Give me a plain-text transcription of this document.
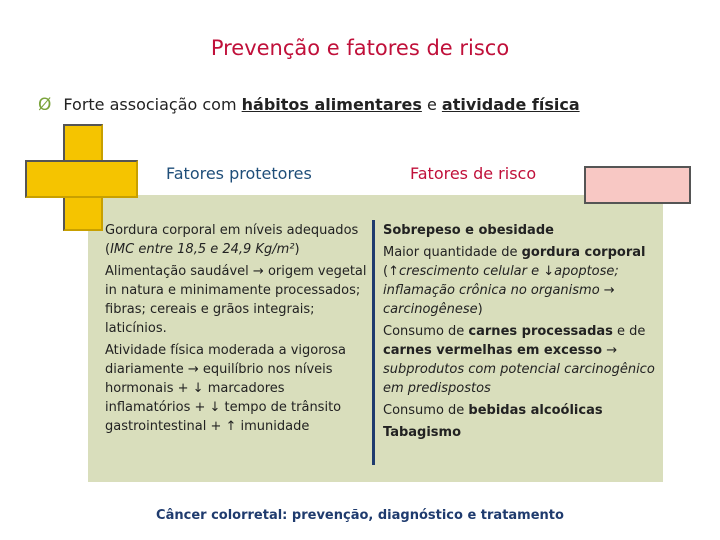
Prevenção e fatores de risco
Ø Forte associação com hábitos alimentares e atividade física
Fatores protetores	Fatores de risco

Gordura corporal em níveis adequados (IMC entre 18,5 e 24,9 Kg/m²)

Alimentação saudável → origem vegetal in natura e minimamente processados; fibras; cereais e grãos integrais; laticínios.

Atividade física moderada a vigorosa diariamente → equilíbrio nos níveis hormonais + ↓ marcadores inflamatórios + ↓ tempo de trânsito gastrointestinal + ↑ imunidade

Sobrepeso e obesidade

Maior quantidade de gordura corporal (↑crescimento celular e ↓apoptose; inflamação crônica no organismo → carcinogênese)

Consumo de carnes processadas e de carnes vermelhas em excesso → subprodutos com potencial carcinogênico em predispostos

Consumo de bebidas alcoólicas

Tabagismo

Câncer colorretal: prevenção, diagnóstico e tratamento
